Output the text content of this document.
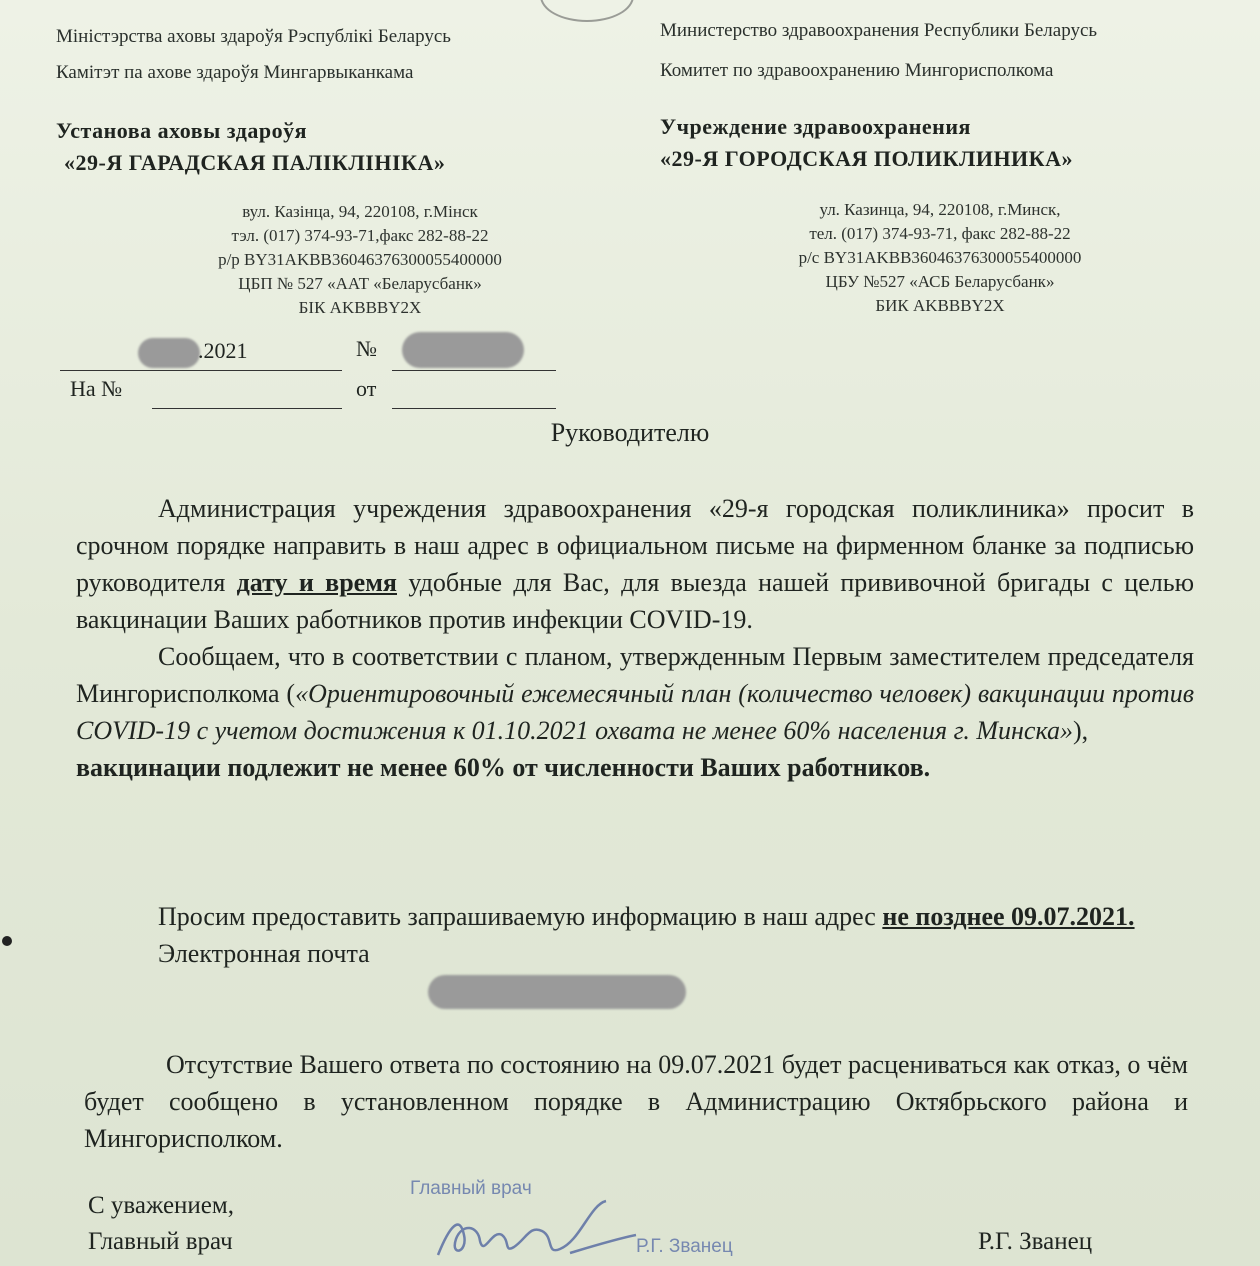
Міністэрства аховы здароўя Рэспублікі Беларусь
Камітэт па ахове здароўя Мингарвыканкама
Установа аховы здароўя
«29-Я ГАРАДСКАЯ ПАЛІКЛІНІКА»
вул. Казінца, 94, 220108, г.Мінск
тэл. (017) 374-93-71,факс 282-88-22
р/р BY31AKBB36046376300055400000
ЦБП № 527 «ААТ «Беларусбанк»
БІК AKBBBY2X
Министерство здравоохранения Республики Беларусь
Комитет по здравоохранению Мингорисполкома
Учреждение здравоохранения
«29-Я ГОРОДСКАЯ ПОЛИКЛИНИКА»
ул. Казинца, 94, 220108, г.Минск,
тел. (017) 374-93-71, факс 282-88-22
р/с BY31AKBB36046376300055400000
ЦБУ №527 «АСБ Беларусбанк»
БИК AKBBBY2X
.2021	№
На №	от
Руководителю

Администрация учреждения здравоохранения «29-я городская поликлиника» просит в срочном порядке направить в наш адрес в официальном письме на фирменном бланке за подписью руководителя дату и время удобные для Вас, для выезда нашей прививочной бригады с целью вакцинации Ваших работников против инфекции COVID-19.

Сообщаем, что в соответствии с планом, утвержденным Первым заместителем председателя Мингорисполкома («Ориентировочный ежемесячный план (количество человек) вакцинации против COVID-19 с учетом достижения к 01.10.2021 охвата не менее 60% населения г. Минска»),

вакцинации подлежит не менее 60% от численности Ваших работников.

Просим предоставить запрашиваемую информацию в наш адрес не позднее 09.07.2021.

Электронная почта

Отсутствие Вашего ответа по состоянию на 09.07.2021 будет расцениваться как отказ, о чём будет сообщено в установленном порядке в Администрацию Октябрьского района и Мингорисполком.

С уважением,
Главный врач	Р.Г. Званец
Главный врач
Р.Г. Званец
